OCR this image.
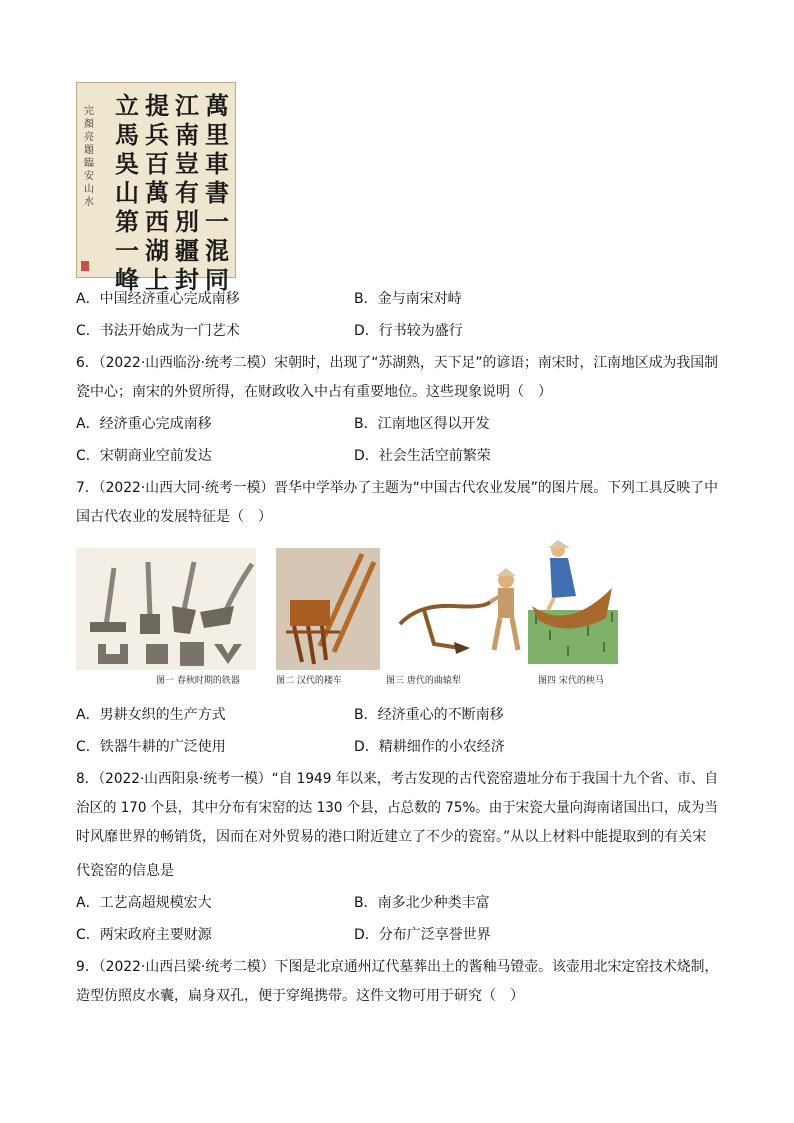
萬里車書一混同
江南豈有別疆封
提兵百萬西湖上
立馬吳山第一峰
完顏亮題臨安山水
A．中国经济重心完成南移	B．金与南宋对峙
C．书法开始成为一门艺术	D．行书较为盛行
6．（2022·山西临汾·统考二模）宋朝时，出现了“苏湖熟，天下足”的谚语；南宋时，江南地区成为我国制
瓷中心；南宋的外贸所得，在财政收入中占有重要地位。这些现象说明（　）
A．经济重心完成南移	B．江南地区得以开发
C．宋朝商业空前发达	D．社会生活空前繁荣
7．（2022·山西大同·统考一模）晋华中学举办了主题为“中国古代农业发展”的图片展。下列工具反映了中
国古代农业的发展特征是（　）
图一 春秋时期的铁器	图二 汉代的耧车	图三 唐代的曲辕犁	图四 宋代的秧马
A．男耕女织的生产方式	B．经济重心的不断南移
C．铁器牛耕的广泛使用	D．精耕细作的小农经济
8．（2022·山西阳泉·统考一模）“自 1949 年以来，考古发现的古代瓷窑遗址分布于我国十九个省、市、自
治区的 170 个县，其中分布有宋窑的达 130 个县，占总数的 75%。由于宋瓷大量向海南诸国出口，成为当
时风靡世界的畅销货，因而在对外贸易的港口附近建立了不少的瓷窑。”从以上材料中能提取到的有关宋
代瓷窑的信息是
A．工艺高超规模宏大	B．南多北少种类丰富
C．两宋政府主要财源	D．分布广泛享誉世界
9．（2022·山西吕梁·统考二模）下图是北京通州辽代墓葬出土的酱釉马镫壶。该壶用北宋定窑技术烧制，
造型仿照皮水囊，扁身双孔，便于穿绳携带。这件文物可用于研究（　）
